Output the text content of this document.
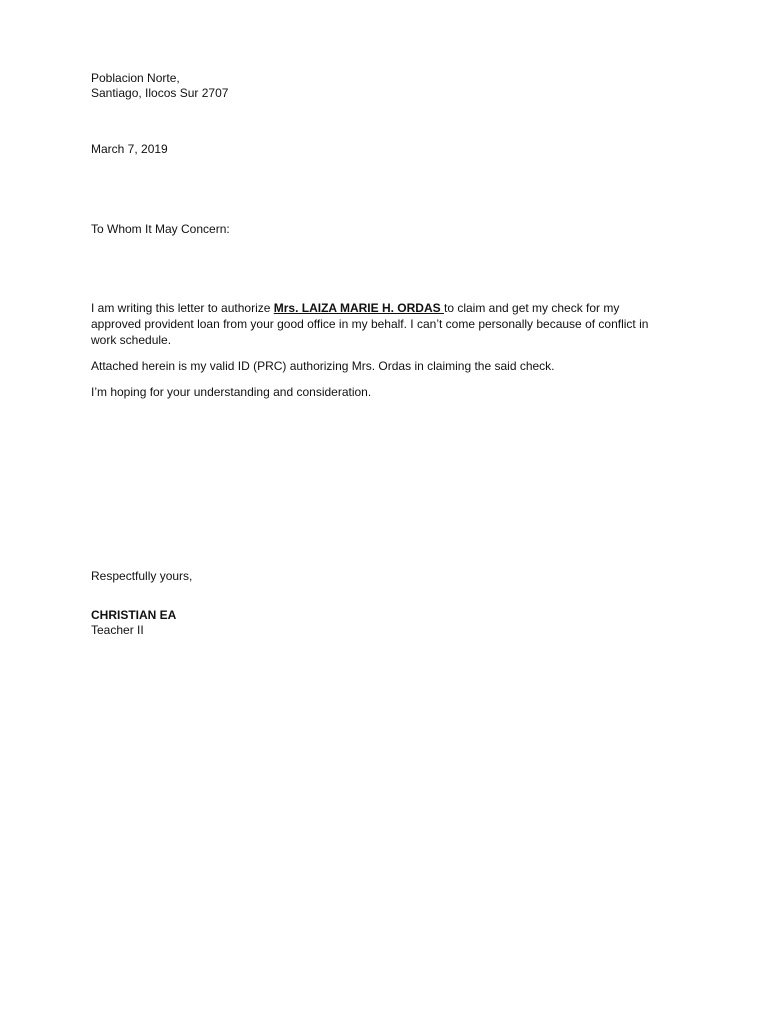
Poblacion Norte,
Santiago, Ilocos Sur 2707
March 7, 2019
To Whom It May Concern:
I am writing this letter to authorize Mrs. LAIZA MARIE H. ORDAS to claim and get my check for my
approved provident loan from your good office in my behalf. I can’t come personally because of conflict in
work schedule.
Attached herein is my valid ID (PRC) authorizing Mrs. Ordas in claiming the said check.
I’m hoping for your understanding and consideration.
Respectfully yours,
CHRISTIAN EA
Teacher II
